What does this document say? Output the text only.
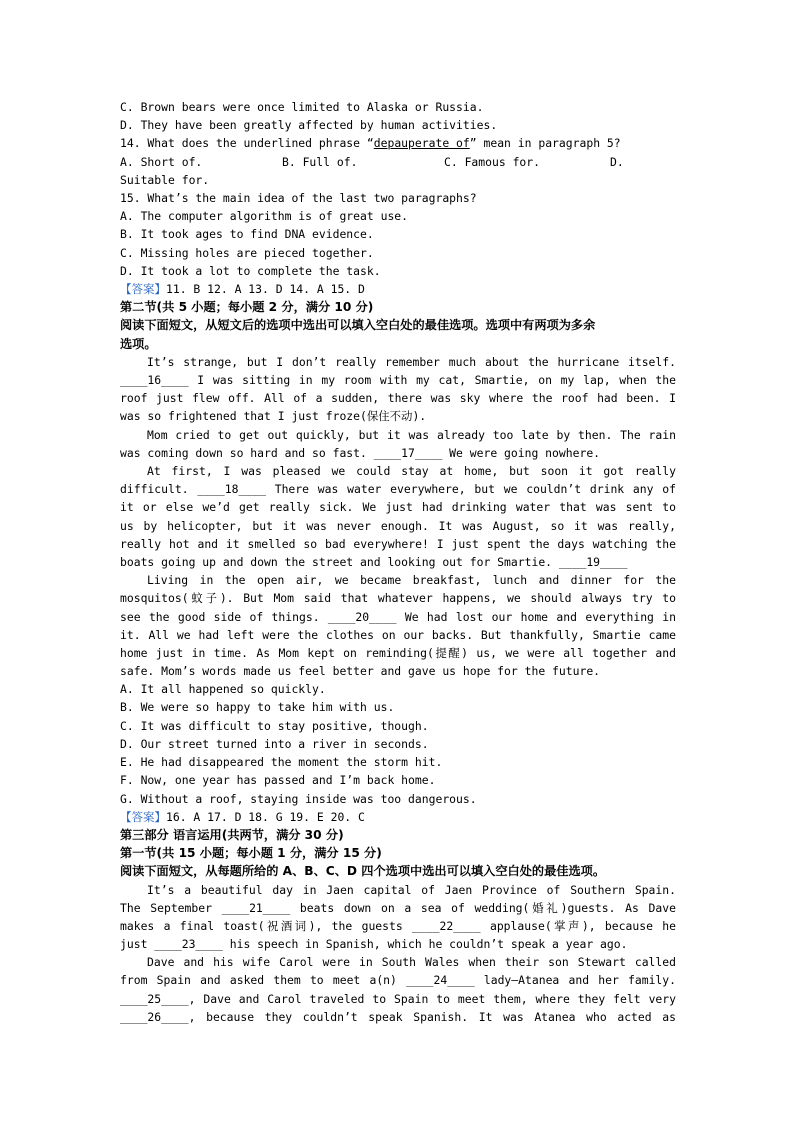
C. Brown bears were once limited to Alaska or Russia.
D. They have been greatly affected by human activities.
14. What does the underlined phrase “depauperate of” mean in paragraph 5?
A. Short of.	B. Full of.	C. Famous for.	D.
Suitable for.
15. What’s the main idea of the last two paragraphs?
A. The computer algorithm is of great use.
B. It took ages to find DNA evidence.
C. Missing holes are pieced together.
D. It took a lot to complete the task.
【答案】11. B 12. A 13. D 14. A 15. D
第二节(共 5 小题；每小题 2 分，满分 10 分)
阅读下面短文，从短文后的选项中选出可以填入空白处的最佳选项。选项中有两项为多余
选项。
It’s strange, but I don’t really remember much about the hurricane itself.
____16____ I was sitting in my room with my cat, Smartie, on my lap, when the
roof just flew off. All of a sudden, there was sky where the roof had been. I
was so frightened that I just froze(保住不动).
Mom cried to get out quickly, but it was already too late by then. The rain
was coming down so hard and so fast. ____17____ We were going nowhere.
At first, I was pleased we could stay at home, but soon it got really
difficult. ____18____ There was water everywhere, but we couldn’t drink any of
it or else we’d get really sick. We just had drinking water that was sent to
us by helicopter, but it was never enough. It was August, so it was really,
really hot and it smelled so bad everywhere! I just spent the days watching the
boats going up and down the street and looking out for Smartie. ____19____
Living in the open air, we became breakfast, lunch and dinner for the
mosquitos(蚊子). But Mom said that whatever happens, we should always try to
see the good side of things. ____20____ We had lost our home and everything in
it. All we had left were the clothes on our backs. But thankfully, Smartie came
home just in time. As Mom kept on reminding(提醒) us, we were all together and
safe. Mom’s words made us feel better and gave us hope for the future.
A. It all happened so quickly.
B. We were so happy to take him with us.
C. It was difficult to stay positive, though.
D. Our street turned into a river in seconds.
E. He had disappeared the moment the storm hit.
F. Now, one year has passed and I’m back home.
G. Without a roof, staying inside was too dangerous.
【答案】16. A 17. D 18. G 19. E 20. C
第三部分 语言运用(共两节，满分 30 分)
第一节(共 15 小题；每小题 1 分，满分 15 分)
阅读下面短文，从每题所给的 A、B、C、D 四个选项中选出可以填入空白处的最佳选项。
It’s a beautiful day in Jaen capital of Jaen Province of Southern Spain.
The September ____21____ beats down on a sea of wedding(婚礼)guests. As Dave
makes a final toast(祝酒词), the guests ____22____ applause(掌声), because he
just ____23____ his speech in Spanish, which he couldn’t speak a year ago.
Dave and his wife Carol were in South Wales when their son Stewart called
from Spain and asked them to meet a(n) ____24____ lady—Atanea and her family.
____25____, Dave and Carol traveled to Spain to meet them, where they felt very
____26____, because they couldn’t speak Spanish. It was Atanea who acted as
